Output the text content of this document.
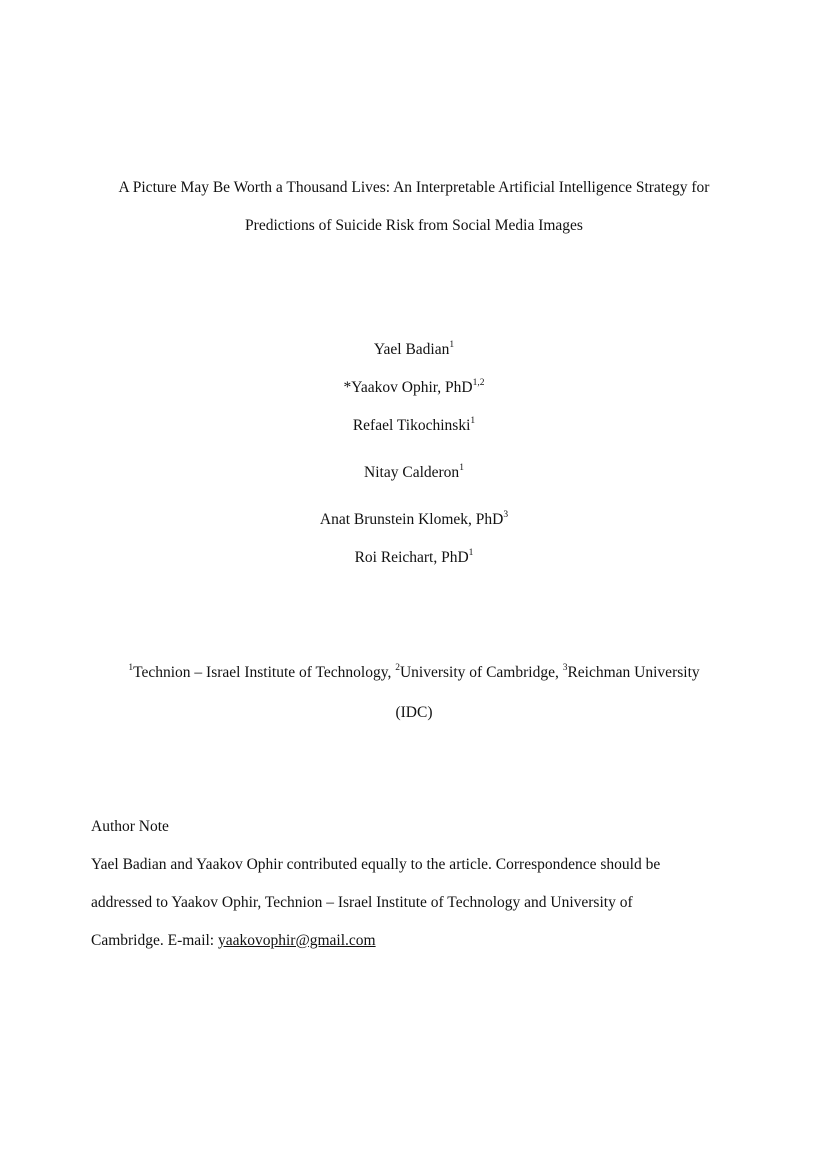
A Picture May Be Worth a Thousand Lives: An Interpretable Artificial Intelligence Strategy for
Predictions of Suicide Risk from Social Media Images
Yael Badian$^1$
*Yaakov Ophir, PhD$^{1,2}$
Refael Tikochinski$^1$
Nitay Calderon$^1$
Anat Brunstein Klomek, PhD$^3$
Roi Reichart, PhD$^1$
$^1$Technion – Israel Institute of Technology, $^2$University of Cambridge, $^3$Reichman University
(IDC)
Author Note
Yael Badian and Yaakov Ophir contributed equally to the article. Correspondence should be
addressed to Yaakov Ophir, Technion – Israel Institute of Technology and University of
Cambridge. E-mail: yaakovophir@gmail.com
